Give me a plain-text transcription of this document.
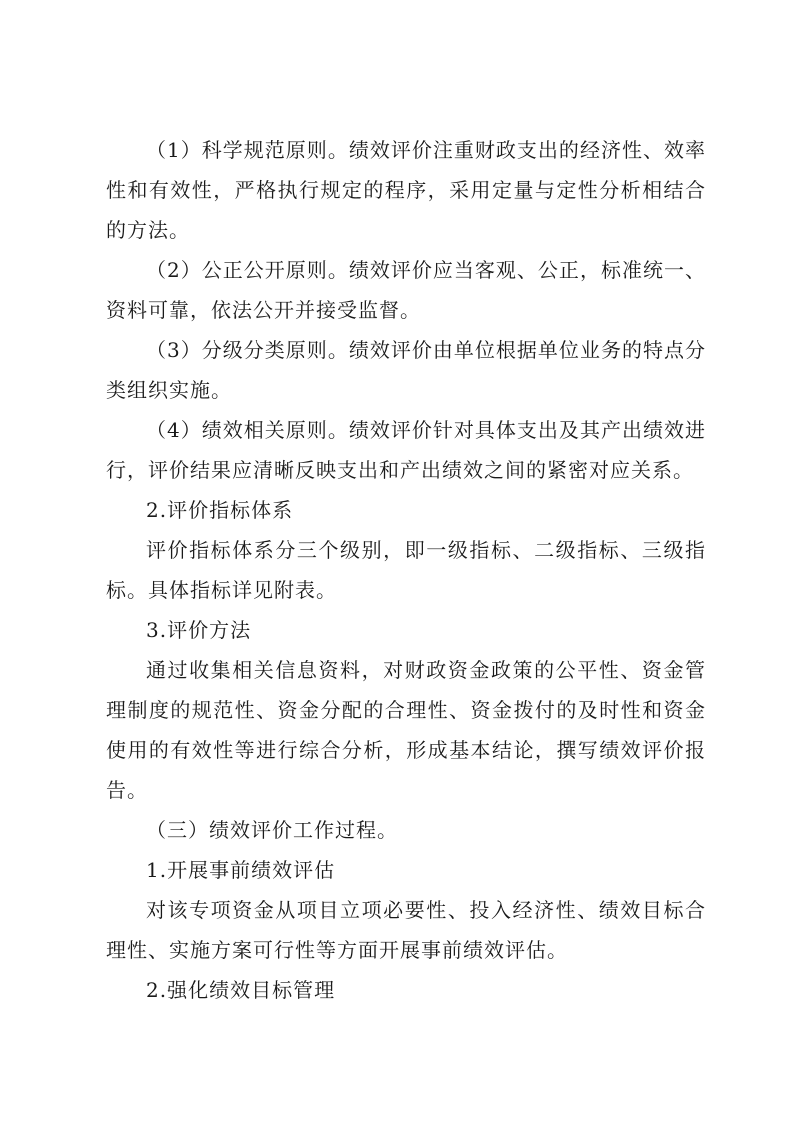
（1）科学规范原则。绩效评价注重财政支出的经济性、效率性和有效性，严格执行规定的程序，采用定量与定性分析相结合的方法。

（2）公正公开原则。绩效评价应当客观、公正，标准统一、资料可靠，依法公开并接受监督。

（3）分级分类原则。绩效评价由单位根据单位业务的特点分类组织实施。

（4）绩效相关原则。绩效评价针对具体支出及其产出绩效进行，评价结果应清晰反映支出和产出绩效之间的紧密对应关系。

2.评价指标体系

评价指标体系分三个级别，即一级指标、二级指标、三级指标。具体指标详见附表。

3.评价方法

通过收集相关信息资料，对财政资金政策的公平性、资金管理制度的规范性、资金分配的合理性、资金拨付的及时性和资金使用的有效性等进行综合分析，形成基本结论，撰写绩效评价报告。

（三）绩效评价工作过程。

1.开展事前绩效评估

对该专项资金从项目立项必要性、投入经济性、绩效目标合理性、实施方案可行性等方面开展事前绩效评估。

2.强化绩效目标管理
